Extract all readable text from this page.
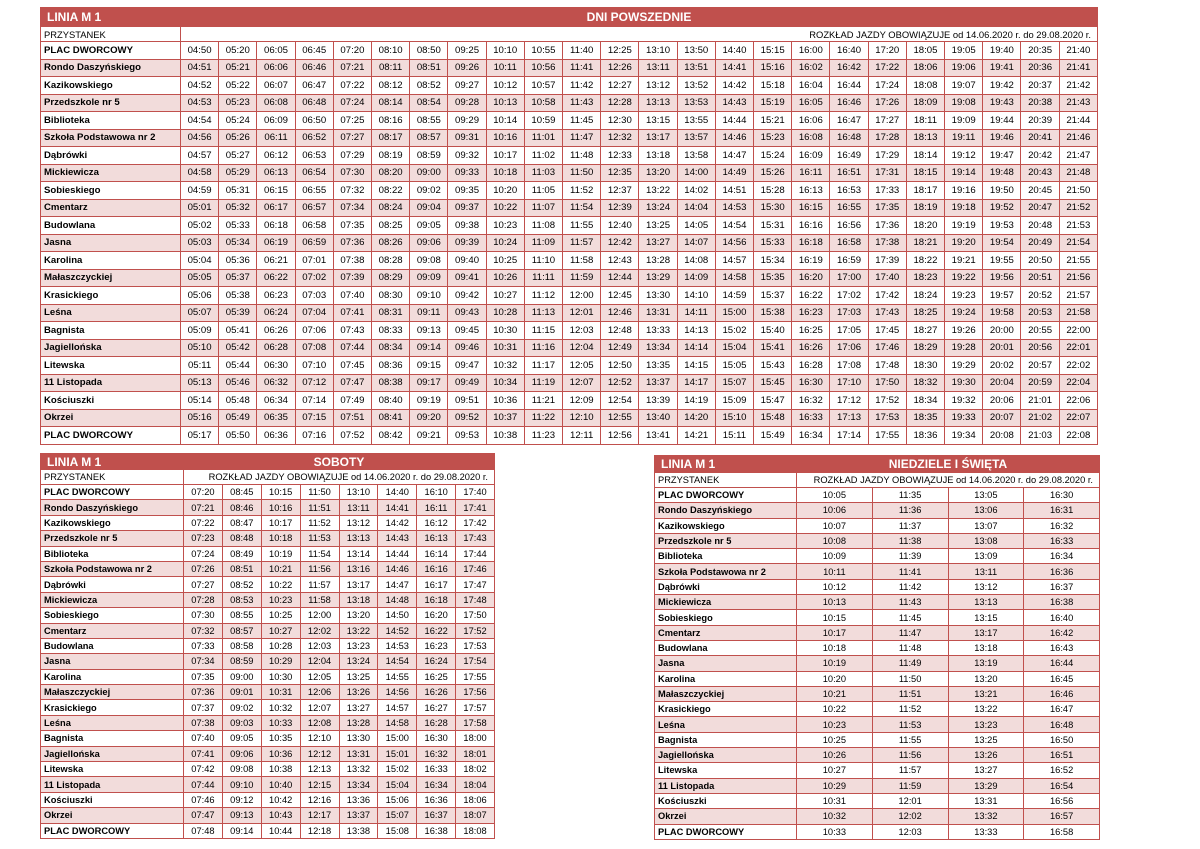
LINIA M 1	DNI POWSZEDNIE																							
PRZYSTANEK	ROZKŁAD JAZDY OBOWIĄZUJE od 14.06.2020 r. do 29.08.2020 r.																							
PLAC DWORCOWY	04:50	05:20	06:05	06:45	07:20	08:10	08:50	09:25	10:10	10:55	11:40	12:25	13:10	13:50	14:40	15:15	16:00	16:40	17:20	18:05	19:05	19:40	20:35	21:40
Rondo Daszyńskiego	04:51	05:21	06:06	06:46	07:21	08:11	08:51	09:26	10:11	10:56	11:41	12:26	13:11	13:51	14:41	15:16	16:02	16:42	17:22	18:06	19:06	19:41	20:36	21:41
Kazikowskiego	04:52	05:22	06:07	06:47	07:22	08:12	08:52	09:27	10:12	10:57	11:42	12:27	13:12	13:52	14:42	15:18	16:04	16:44	17:24	18:08	19:07	19:42	20:37	21:42
Przedszkole nr 5	04:53	05:23	06:08	06:48	07:24	08:14	08:54	09:28	10:13	10:58	11:43	12:28	13:13	13:53	14:43	15:19	16:05	16:46	17:26	18:09	19:08	19:43	20:38	21:43
Biblioteka	04:54	05:24	06:09	06:50	07:25	08:16	08:55	09:29	10:14	10:59	11:45	12:30	13:15	13:55	14:44	15:21	16:06	16:47	17:27	18:11	19:09	19:44	20:39	21:44
Szkoła Podstawowa nr 2	04:56	05:26	06:11	06:52	07:27	08:17	08:57	09:31	10:16	11:01	11:47	12:32	13:17	13:57	14:46	15:23	16:08	16:48	17:28	18:13	19:11	19:46	20:41	21:46
Dąbrówki	04:57	05:27	06:12	06:53	07:29	08:19	08:59	09:32	10:17	11:02	11:48	12:33	13:18	13:58	14:47	15:24	16:09	16:49	17:29	18:14	19:12	19:47	20:42	21:47
Mickiewicza	04:58	05:29	06:13	06:54	07:30	08:20	09:00	09:33	10:18	11:03	11:50	12:35	13:20	14:00	14:49	15:26	16:11	16:51	17:31	18:15	19:14	19:48	20:43	21:48
Sobieskiego	04:59	05:31	06:15	06:55	07:32	08:22	09:02	09:35	10:20	11:05	11:52	12:37	13:22	14:02	14:51	15:28	16:13	16:53	17:33	18:17	19:16	19:50	20:45	21:50
Cmentarz	05:01	05:32	06:17	06:57	07:34	08:24	09:04	09:37	10:22	11:07	11:54	12:39	13:24	14:04	14:53	15:30	16:15	16:55	17:35	18:19	19:18	19:52	20:47	21:52
Budowlana	05:02	05:33	06:18	06:58	07:35	08:25	09:05	09:38	10:23	11:08	11:55	12:40	13:25	14:05	14:54	15:31	16:16	16:56	17:36	18:20	19:19	19:53	20:48	21:53
Jasna	05:03	05:34	06:19	06:59	07:36	08:26	09:06	09:39	10:24	11:09	11:57	12:42	13:27	14:07	14:56	15:33	16:18	16:58	17:38	18:21	19:20	19:54	20:49	21:54
Karolina	05:04	05:36	06:21	07:01	07:38	08:28	09:08	09:40	10:25	11:10	11:58	12:43	13:28	14:08	14:57	15:34	16:19	16:59	17:39	18:22	19:21	19:55	20:50	21:55
Małaszczyckiej	05:05	05:37	06:22	07:02	07:39	08:29	09:09	09:41	10:26	11:11	11:59	12:44	13:29	14:09	14:58	15:35	16:20	17:00	17:40	18:23	19:22	19:56	20:51	21:56
Krasickiego	05:06	05:38	06:23	07:03	07:40	08:30	09:10	09:42	10:27	11:12	12:00	12:45	13:30	14:10	14:59	15:37	16:22	17:02	17:42	18:24	19:23	19:57	20:52	21:57
Leśna	05:07	05:39	06:24	07:04	07:41	08:31	09:11	09:43	10:28	11:13	12:01	12:46	13:31	14:11	15:00	15:38	16:23	17:03	17:43	18:25	19:24	19:58	20:53	21:58
Bagnista	05:09	05:41	06:26	07:06	07:43	08:33	09:13	09:45	10:30	11:15	12:03	12:48	13:33	14:13	15:02	15:40	16:25	17:05	17:45	18:27	19:26	20:00	20:55	22:00
Jagiellońska	05:10	05:42	06:28	07:08	07:44	08:34	09:14	09:46	10:31	11:16	12:04	12:49	13:34	14:14	15:04	15:41	16:26	17:06	17:46	18:29	19:28	20:01	20:56	22:01
Litewska	05:11	05:44	06:30	07:10	07:45	08:36	09:15	09:47	10:32	11:17	12:05	12:50	13:35	14:15	15:05	15:43	16:28	17:08	17:48	18:30	19:29	20:02	20:57	22:02
11 Listopada	05:13	05:46	06:32	07:12	07:47	08:38	09:17	09:49	10:34	11:19	12:07	12:52	13:37	14:17	15:07	15:45	16:30	17:10	17:50	18:32	19:30	20:04	20:59	22:04
Kościuszki	05:14	05:48	06:34	07:14	07:49	08:40	09:19	09:51	10:36	11:21	12:09	12:54	13:39	14:19	15:09	15:47	16:32	17:12	17:52	18:34	19:32	20:06	21:01	22:06
Okrzei	05:16	05:49	06:35	07:15	07:51	08:41	09:20	09:52	10:37	11:22	12:10	12:55	13:40	14:20	15:10	15:48	16:33	17:13	17:53	18:35	19:33	20:07	21:02	22:07
PLAC DWORCOWY	05:17	05:50	06:36	07:16	07:52	08:42	09:21	09:53	10:38	11:23	12:11	12:56	13:41	14:21	15:11	15:49	16:34	17:14	17:55	18:36	19:34	20:08	21:03	22:08
LINIA M 1	SOBOTY							
PRZYSTANEK	ROZKŁAD JAZDY OBOWIĄZUJE od 14.06.2020 r. do 29.08.2020 r.							
PLAC DWORCOWY	07:20	08:45	10:15	11:50	13:10	14:40	16:10	17:40
Rondo Daszyńskiego	07:21	08:46	10:16	11:51	13:11	14:41	16:11	17:41
Kazikowskiego	07:22	08:47	10:17	11:52	13:12	14:42	16:12	17:42
Przedszkole nr 5	07:23	08:48	10:18	11:53	13:13	14:43	16:13	17:43
Biblioteka	07:24	08:49	10:19	11:54	13:14	14:44	16:14	17:44
Szkoła Podstawowa nr 2	07:26	08:51	10:21	11:56	13:16	14:46	16:16	17:46
Dąbrówki	07:27	08:52	10:22	11:57	13:17	14:47	16:17	17:47
Mickiewicza	07:28	08:53	10:23	11:58	13:18	14:48	16:18	17:48
Sobieskiego	07:30	08:55	10:25	12:00	13:20	14:50	16:20	17:50
Cmentarz	07:32	08:57	10:27	12:02	13:22	14:52	16:22	17:52
Budowlana	07:33	08:58	10:28	12:03	13:23	14:53	16:23	17:53
Jasna	07:34	08:59	10:29	12:04	13:24	14:54	16:24	17:54
Karolina	07:35	09:00	10:30	12:05	13:25	14:55	16:25	17:55
Małaszczyckiej	07:36	09:01	10:31	12:06	13:26	14:56	16:26	17:56
Krasickiego	07:37	09:02	10:32	12:07	13:27	14:57	16:27	17:57
Leśna	07:38	09:03	10:33	12:08	13:28	14:58	16:28	17:58
Bagnista	07:40	09:05	10:35	12:10	13:30	15:00	16:30	18:00
Jagiellońska	07:41	09:06	10:36	12:12	13:31	15:01	16:32	18:01
Litewska	07:42	09:08	10:38	12:13	13:32	15:02	16:33	18:02
11 Listopada	07:44	09:10	10:40	12:15	13:34	15:04	16:34	18:04
Kościuszki	07:46	09:12	10:42	12:16	13:36	15:06	16:36	18:06
Okrzei	07:47	09:13	10:43	12:17	13:37	15:07	16:37	18:07
PLAC DWORCOWY	07:48	09:14	10:44	12:18	13:38	15:08	16:38	18:08
LINIA M 1	NIEDZIELE I ŚWIĘTA			
PRZYSTANEK	ROZKŁAD JAZDY OBOWIĄZUJE od 14.06.2020 r. do 29.08.2020 r.			
PLAC DWORCOWY	10:05	11:35	13:05	16:30
Rondo Daszyńskiego	10:06	11:36	13:06	16:31
Kazikowskiego	10:07	11:37	13:07	16:32
Przedszkole nr 5	10:08	11:38	13:08	16:33
Biblioteka	10:09	11:39	13:09	16:34
Szkoła Podstawowa nr 2	10:11	11:41	13:11	16:36
Dąbrówki	10:12	11:42	13:12	16:37
Mickiewicza	10:13	11:43	13:13	16:38
Sobieskiego	10:15	11:45	13:15	16:40
Cmentarz	10:17	11:47	13:17	16:42
Budowlana	10:18	11:48	13:18	16:43
Jasna	10:19	11:49	13:19	16:44
Karolina	10:20	11:50	13:20	16:45
Małaszczyckiej	10:21	11:51	13:21	16:46
Krasickiego	10:22	11:52	13:22	16:47
Leśna	10:23	11:53	13:23	16:48
Bagnista	10:25	11:55	13:25	16:50
Jagiellońska	10:26	11:56	13:26	16:51
Litewska	10:27	11:57	13:27	16:52
11 Listopada	10:29	11:59	13:29	16:54
Kościuszki	10:31	12:01	13:31	16:56
Okrzei	10:32	12:02	13:32	16:57
PLAC DWORCOWY	10:33	12:03	13:33	16:58
